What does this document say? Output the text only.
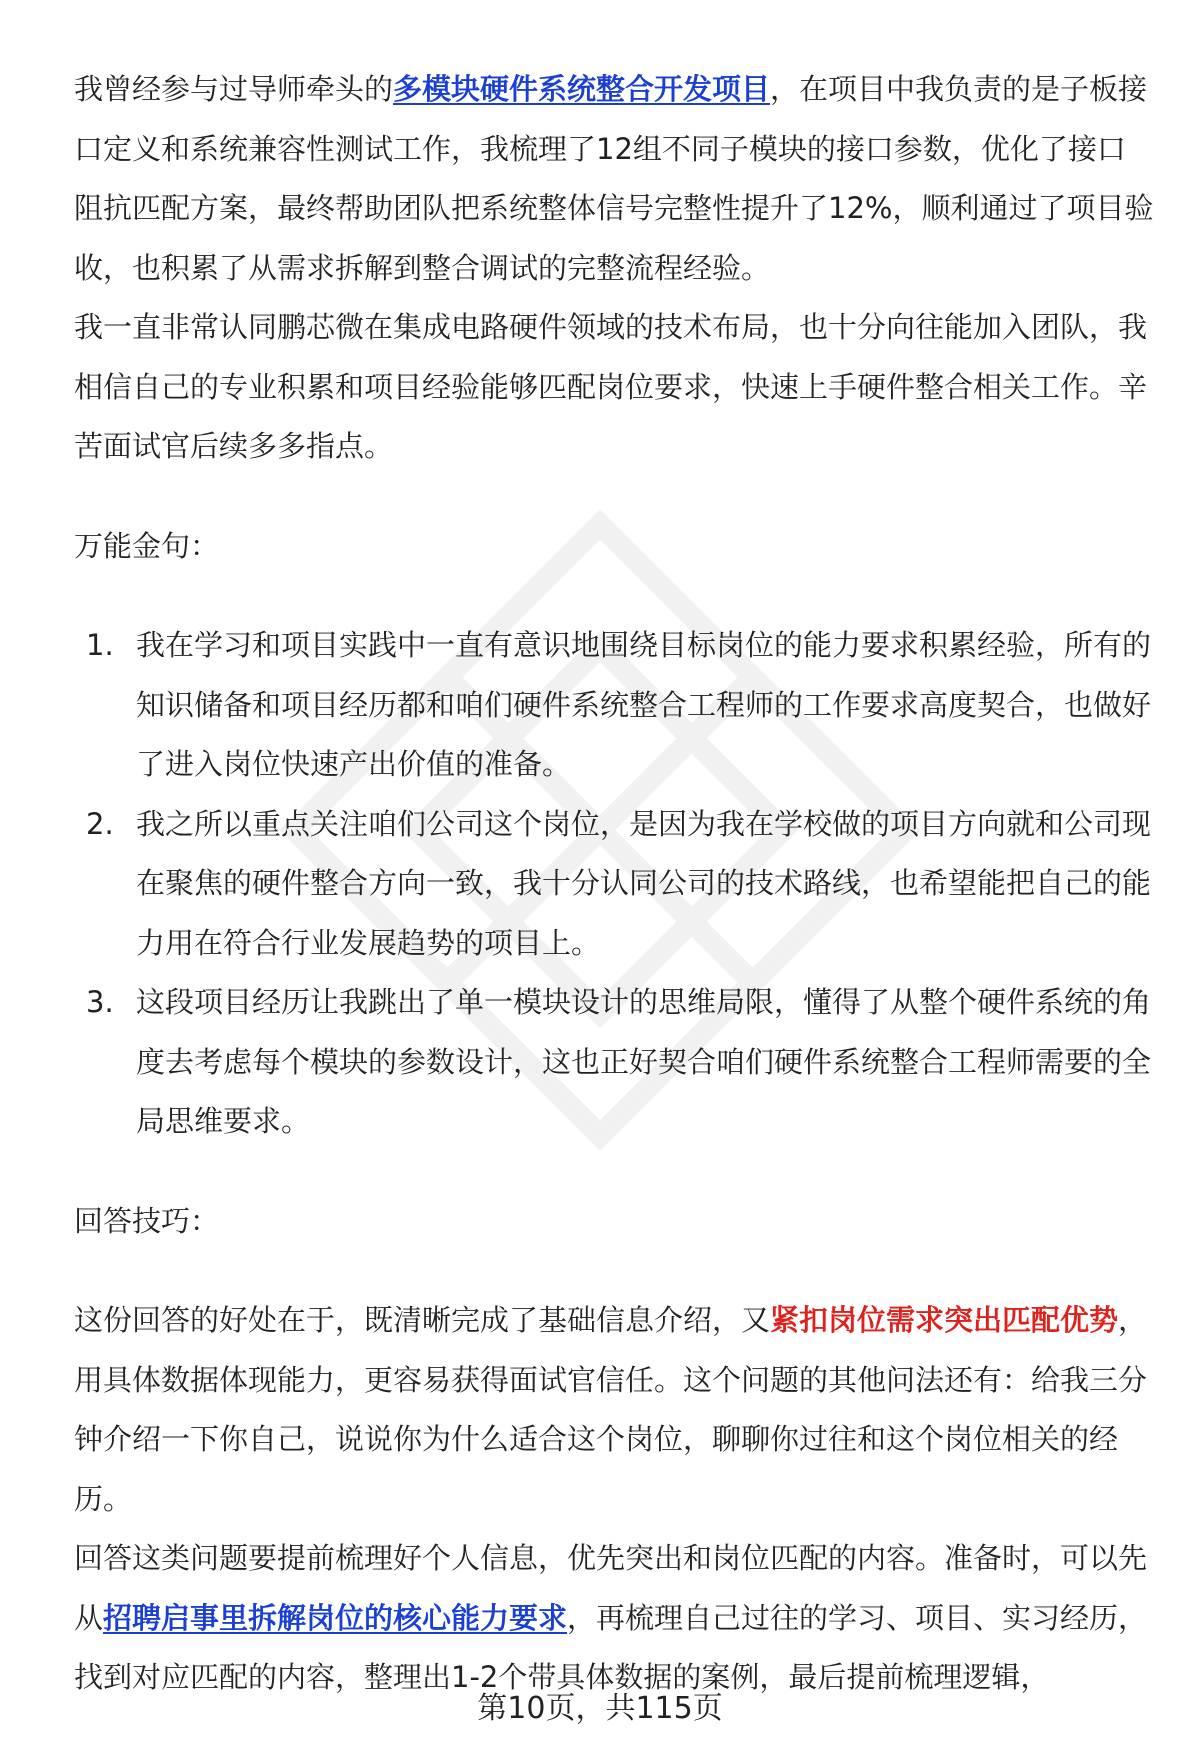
我曾经参与过导师牵头的多模块硬件系统整合开发项目，在项目中我负责的是子板接口定义和系统兼容性测试工作，我梳理了12组不同子模块的接口参数，优化了接口阻抗匹配方案，最终帮助团队把系统整体信号完整性提升了12%，顺利通过了项目验收，也积累了从需求拆解到整合调试的完整流程经验。

我一直非常认同鹏芯微在集成电路硬件领域的技术布局，也十分向往能加入团队，我相信自己的专业积累和项目经验能够匹配岗位要求，快速上手硬件整合相关工作。辛苦面试官后续多多指点。

万能金句：

1. 我在学习和项目实践中一直有意识地围绕目标岗位的能力要求积累经验，所有的知识储备和项目经历都和咱们硬件系统整合工程师的工作要求高度契合，也做好了进入岗位快速产出价值的准备。
2. 我之所以重点关注咱们公司这个岗位，是因为我在学校做的项目方向就和公司现在聚焦的硬件整合方向一致，我十分认同公司的技术路线，也希望能把自己的能力用在符合行业发展趋势的项目上。
3. 这段项目经历让我跳出了单一模块设计的思维局限，懂得了从整个硬件系统的角度去考虑每个模块的参数设计，这也正好契合咱们硬件系统整合工程师需要的全局思维要求。

回答技巧：

这份回答的好处在于，既清晰完成了基础信息介绍，又紧扣岗位需求突出匹配优势，用具体数据体现能力，更容易获得面试官信任。这个问题的其他问法还有：给我三分钟介绍一下你自己，说说你为什么适合这个岗位，聊聊你过往和这个岗位相关的经历。

回答这类问题要提前梳理好个人信息，优先突出和岗位匹配的内容。准备时，可以先从招聘启事里拆解岗位的核心能力要求，再梳理自己过往的学习、项目、实习经历，找到对应匹配的内容，整理出1-2个带具体数据的案例，最后提前梳理逻辑，

第10页，共115页
